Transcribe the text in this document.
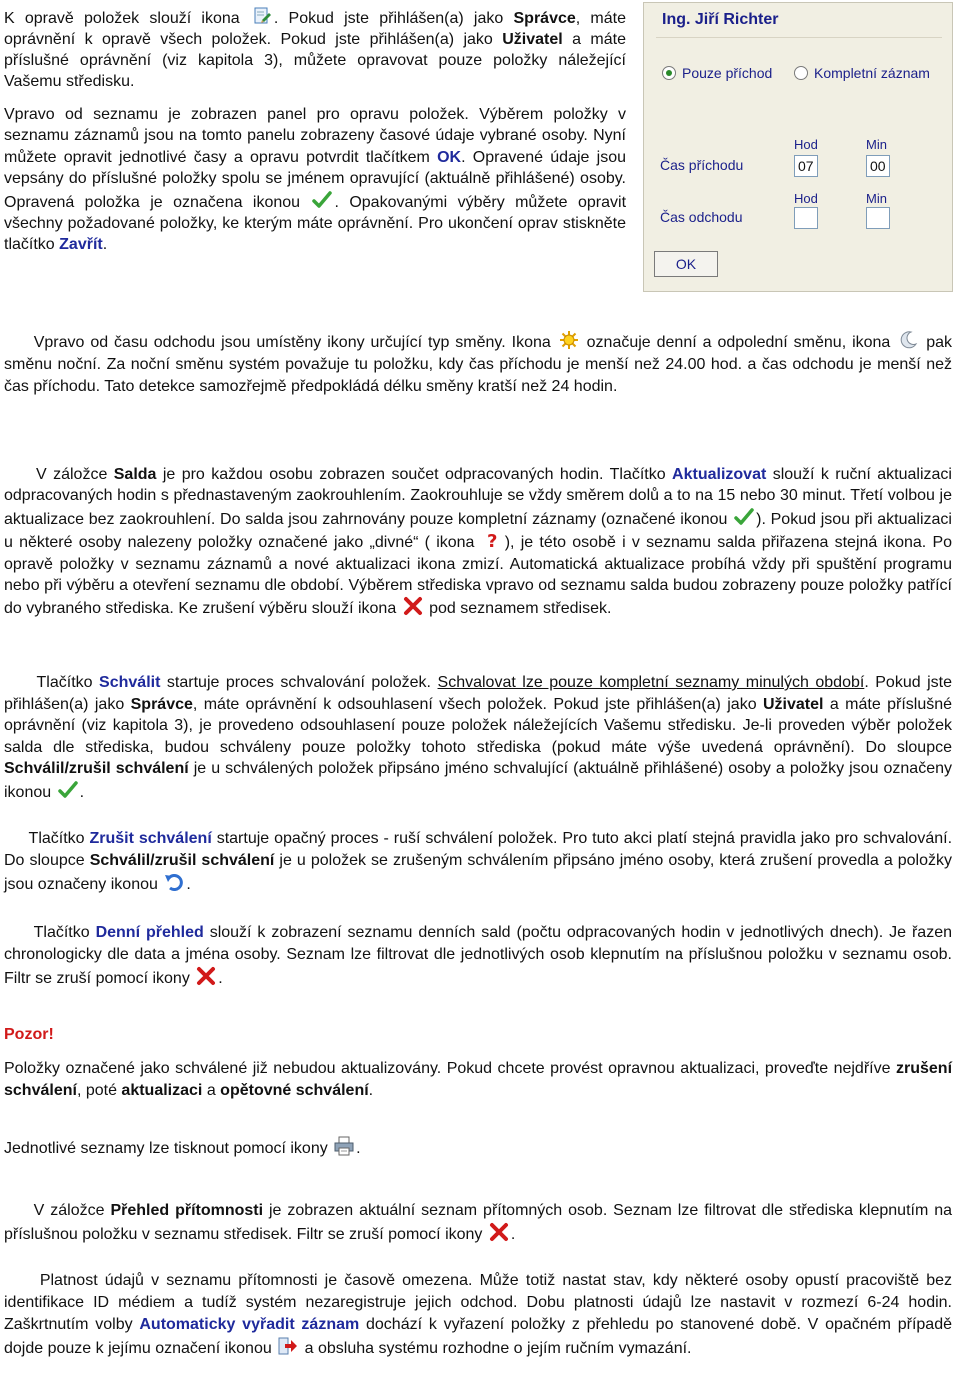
K opravě položek slouží ikona . Pokud jste přihlášen(a) jako Správce, máte oprávnění k opravě všech položek. Pokud jste přihlášen(a) jako Uživatel a máte příslušné oprávnění (viz kapitola 3), můžete opravovat pouze položky náležející Vašemu středisku.

Vpravo od seznamu je zobrazen panel pro opravu položek. Výběrem položky v seznamu záznamů jsou na tomto panelu zobrazeny časové údaje vybrané osoby. Nyní můžete opravit jednotlivé časy a opravu potvrdit tlačítkem OK. Opravené údaje jsou vepsány do příslušné položky spolu se jménem opravující (aktuálně přihlášené) osoby. Opravená položka je označena ikonou . Opakovanými výběry můžete opravit všechny požadované položky, ke kterým máte oprávnění. Pro ukončení oprav stiskněte tlačítko Zavřít.

Ing. Jiří Richter
Pouze příchod	Kompletní záznam
Hod	Min
Čas příchodu	07	00
Hod	Min
Čas odchodu
OK

Vpravo od času odchodu jsou umístěny ikony určující typ směny. Ikona označuje denní a odpolední směnu, ikona pak směnu noční. Za noční směnu systém považuje tu položku, kdy čas příchodu je menší než 24.00 hod. a čas odchodu je menší než čas příchodu. Tato detekce samozřejmě předpokládá délku směny kratší než 24 hodin.

V záložce Salda je pro každou osobu zobrazen součet odpracovaných hodin. Tlačítko Aktualizovat slouží k ruční aktualizaci odpracovaných hodin s přednastaveným zaokrouhlením. Zaokrouhluje se vždy směrem dolů a to na 15 nebo 30 minut. Třetí volbou je aktualizace bez zaokrouhlení. Do salda jsou zahrnovány pouze kompletní záznamy (označené ikonou ). Pokud jsou při aktualizaci u některé osoby nalezeny položky označené jako „divné“ ( ikona ? ), je této osobě i v seznamu salda přiřazena stejná ikona. Po opravě položky v seznamu záznamů a nové aktualizaci ikona zmizí. Automatická aktualizace probíhá vždy při spuštění programu nebo při výběru a otevření seznamu dle období. Výběrem střediska vpravo od seznamu salda budou zobrazeny pouze položky patřící do vybraného střediska. Ke zrušení výběru slouží ikona pod seznamem středisek.

Tlačítko Schválit startuje proces schvalování položek. Schvalovat lze pouze kompletní seznamy minulých období. Pokud jste přihlášen(a) jako Správce, máte oprávnění k odsouhlasení všech položek. Pokud jste přihlášen(a) jako Uživatel a máte příslušné oprávnění (viz kapitola 3), je provedeno odsouhlasení pouze položek náležejících Vašemu středisku. Je-li proveden výběr položek salda dle střediska, budou schváleny pouze položky tohoto střediska (pokud máte výše uvedená oprávnění). Do sloupce Schválil/zrušil schválení je u schválených položek připsáno jméno schvalující (aktuálně přihlášené) osoby a položky jsou označeny ikonou .

Tlačítko Zrušit schválení startuje opačný proces - ruší schválení položek. Pro tuto akci platí stejná pravidla jako pro schvalování. Do sloupce Schválil/zrušil schválení je u položek se zrušeným schválením připsáno jméno osoby, která zrušení provedla a položky jsou označeny ikonou .

Tlačítko Denní přehled slouží k zobrazení seznamu denních sald (počtu odpracovaných hodin v jednotlivých dnech). Je řazen chronologicky dle data a jména osoby. Seznam lze filtrovat dle jednotlivých osob klepnutím na příslušnou položku v seznamu osob. Filtr se zruší pomocí ikony .

Pozor!

Položky označené jako schválené již nebudou aktualizovány. Pokud chcete provést opravnou aktualizaci, proveďte nejdříve zrušení schválení, poté aktualizaci a opětovné schválení.

Jednotlivé seznamy lze tisknout pomocí ikony .

V záložce Přehled přítomnosti je zobrazen aktuální seznam přítomných osob. Seznam lze filtrovat dle střediska klepnutím na příslušnou položku v seznamu středisek. Filtr se zruší pomocí ikony .

Platnost údajů v seznamu přítomnosti je časově omezena. Může totiž nastat stav, kdy některé osoby opustí pracoviště bez identifikace ID médiem a tudíž systém nezaregistruje jejich odchod. Dobu platnosti údajů lze nastavit v rozmezí 6-24 hodin. Zaškrtnutím volby Automaticky vyřadit záznam dochází k vyřazení položky z přehledu po stanovené době. V opačném případě dojde pouze k jejímu označení ikonou a obsluha systému rozhodne o jejím ručním vymazání.
